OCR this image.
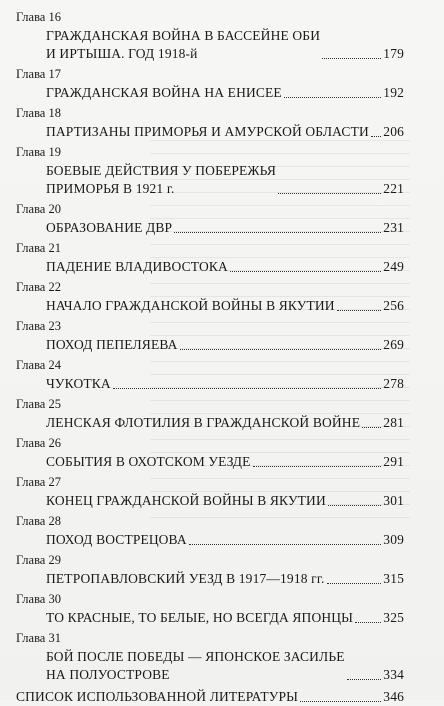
Глава 16
ГРАЖДАНСКАЯ ВОЙНА В БАССЕЙНЕ ОБИ
И ИРТЫША. ГОД 1918-й	179
Глава 17
ГРАЖДАНСКАЯ ВОЙНА НА ЕНИСЕЕ	192
Глава 18
ПАРТИЗАНЫ ПРИМОРЬЯ И АМУРСКОЙ ОБЛАСТИ 206
Глава 19
БОЕВЫЕ ДЕЙСТВИЯ У ПОБЕРЕЖЬЯ
ПРИМОРЬЯ В 1921 г.	221
Глава 20
ОБРАЗОВАНИЕ ДВР	231
Глава 21
ПАДЕНИЕ ВЛАДИВОСТОКА	249
Глава 22
НАЧАЛО ГРАЖДАНСКОЙ ВОЙНЫ В ЯКУТИИ	256
Глава 23
ПОХОД ПЕПЕЛЯЕВА	269
Глава 24
ЧУКОТКА	278
Глава 25
ЛЕНСКАЯ ФЛОТИЛИЯ В ГРАЖДАНСКОЙ ВОЙНЕ 281
Глава 26
СОБЫТИЯ В ОХОТСКОМ УЕЗДЕ	291
Глава 27
КОНЕЦ ГРАЖДАНСКОЙ ВОЙНЫ В ЯКУТИИ	301
Глава 28
ПОХОД ВОСТРЕЦОВА	309
Глава 29
ПЕТРОПАВЛОВСКИЙ УЕЗД В 1917—1918 гг.	315
Глава 30
ТО КРАСНЫЕ, ТО БЕЛЫЕ, НО ВСЕГДА ЯПОНЦЫ 325
Глава 31
БОЙ ПОСЛЕ ПОБЕДЫ — ЯПОНСКОЕ ЗАСИЛЬЕ
НА ПОЛУОСТРОВЕ	334
СПИСОК ИСПОЛЬЗОВАННОЙ ЛИТЕРАТУРЫ	346
